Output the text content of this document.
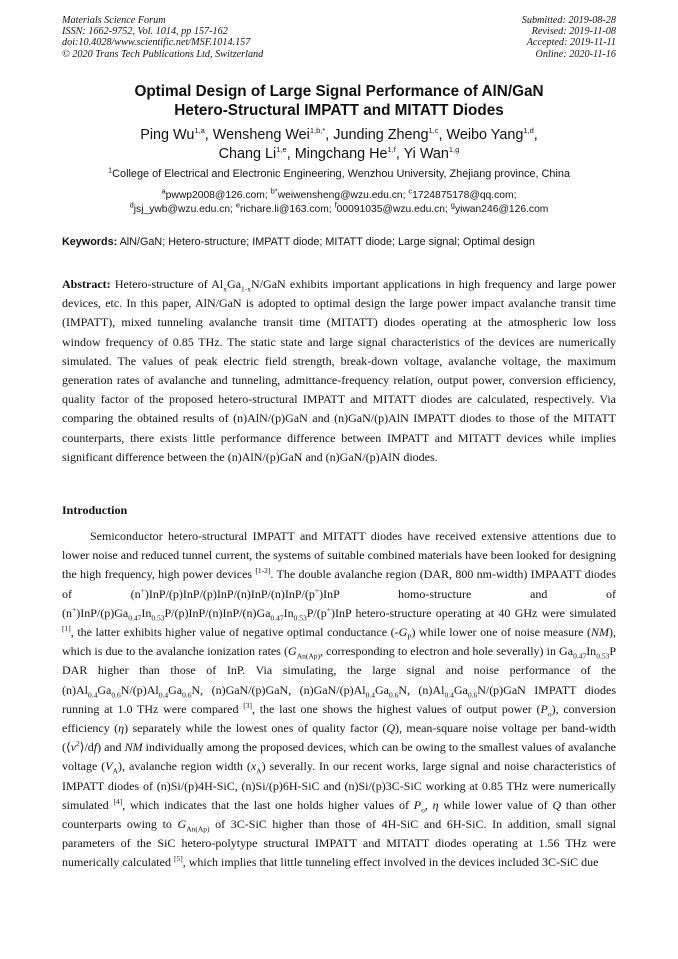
Materials Science Forum
ISSN: 1662-9752, Vol. 1014, pp 157-162
doi:10.4028/www.scientific.net/MSF.1014.157
© 2020 Trans Tech Publications Ltd, Switzerland
Submitted: 2019-08-28
Revised: 2019-11-08
Accepted: 2019-11-11
Online: 2020-11-16
Optimal Design of Large Signal Performance of AlN/GaN
Hetero-Structural IMPATT and MITATT Diodes
Ping Wu$^{1,a}$, Wensheng Wei$^{1,b,*}$, Junding Zheng$^{1,c}$, Weibo Yang$^{1,d}$,
Chang Li$^{1,e}$, Mingchang He$^{1,f}$, Yi Wan$^{1,g}$
$^1$College of Electrical and Electronic Engineering, Wenzhou University, Zhejiang province, China
$^a$pwwp2008@126.com; $^{b*}$weiwensheng@wzu.edu.cn; $^c$1724875178@qq.com;
$^d$jsj_ywb@wzu.edu.cn; $^e$richare.li@163.com; $^f$00091035@wzu.edu.cn; $^g$yiwan246@126.com
Keywords: AlN/GaN; Hetero-structure; IMPATT diode; MITATT diode; Large signal; Optimal design
Abstract: Hetero-structure of $Al_xGa_{1-x}N$/GaN exhibits important applications in high frequency and large power devices, etc. In this paper, AlN/GaN is adopted to optimal design the large power impact avalanche transit time (IMPATT), mixed tunneling avalanche transit time (MITATT) diodes operating at the atmospheric low loss window frequency of 0.85 THz. The static state and large signal characteristics of the devices are numerically simulated. The values of peak electric field strength, break-down voltage, avalanche voltage, the maximum generation rates of avalanche and tunneling, admittance-frequency relation, output power, conversion efficiency, quality factor of the proposed hetero-structural IMPATT and MITATT diodes are calculated, respectively. Via comparing the obtained results of (n)AlN/(p)GaN and (n)GaN/(p)AlN IMPATT diodes to those of the MITATT counterparts, there exists little performance difference between IMPATT and MITATT devices while implies significant difference between the (n)AlN/(p)GaN and (n)GaN/(p)AlN diodes.
Introduction
Semiconductor hetero-structural IMPATT and MITATT diodes have received extensive attentions due to lower noise and reduced tunnel current, the systems of suitable combined materials have been looked for designing the high frequency, high power devices [1-2]. The double avalanche region (DAR, 800 nm-width) IMPAATT diodes of (n+)InP/(p)InP/(p)InP/(n)InP/(n)InP/(p+)InP homo-structure and of $(n^+)InP/(p)Ga_{0.47}In_{0.53}P/(p)InP/(n)InP/(n)Ga_{0.47}In_{0.53}P/(p^+)InP$ hetero-structure operating at 40 GHz were simulated [1], the latter exhibits higher value of negative optimal conductance $(-G_P)$ while lower one of noise measure (NM), which is due to the avalanche ionization rates ($G_{An(Ap)}$, corresponding to electron and hole severally) in $Ga_{0.47}In_{0.53}P$ DAR higher than those of InP. Via simulating, the large signal and noise performance of the $(n)Al_{0.4}Ga_{0.6}N/(p)Al_{0.4}Ga_{0.6}N$, (n)GaN/(p)GaN, $(n)GaN/(p)Al_{0.4}Ga_{0.6}N$, $(n)Al_{0.4}Ga_{0.6}N/(p)GaN$ IMPATT diodes running at 1.0 THz were compared [3], the last one shows the highest values of output power $(P_o)$, conversion efficiency (η) separately while the lowest ones of quality factor (Q), mean-square noise voltage per band-width $(⟨v^2⟩/df)$ and NM individually among the proposed devices, which can be owing to the smallest values of avalanche voltage $(V_A)$, avalanche region width $(x_A)$ severally. In our recent works, large signal and noise characteristics of IMPATT diodes of (n)Si/(p)4H-SiC, (n)Si/(p)6H-SiC and (n)Si/(p)3C-SiC working at 0.85 THz were numerically simulated [4], which indicates that the last one holds higher values of $P_o$, η while lower value of Q than other counterparts owing to $G_{An(Ap)}$ of 3C-SiC higher than those of 4H-SiC and 6H-SiC. In addition, small signal parameters of the SiC hetero-polytype structural IMPATT and MITATT diodes operating at 1.56 THz were numerically calculated [5], which implies that little tunneling effect involved in the devices included 3C-SiC due
